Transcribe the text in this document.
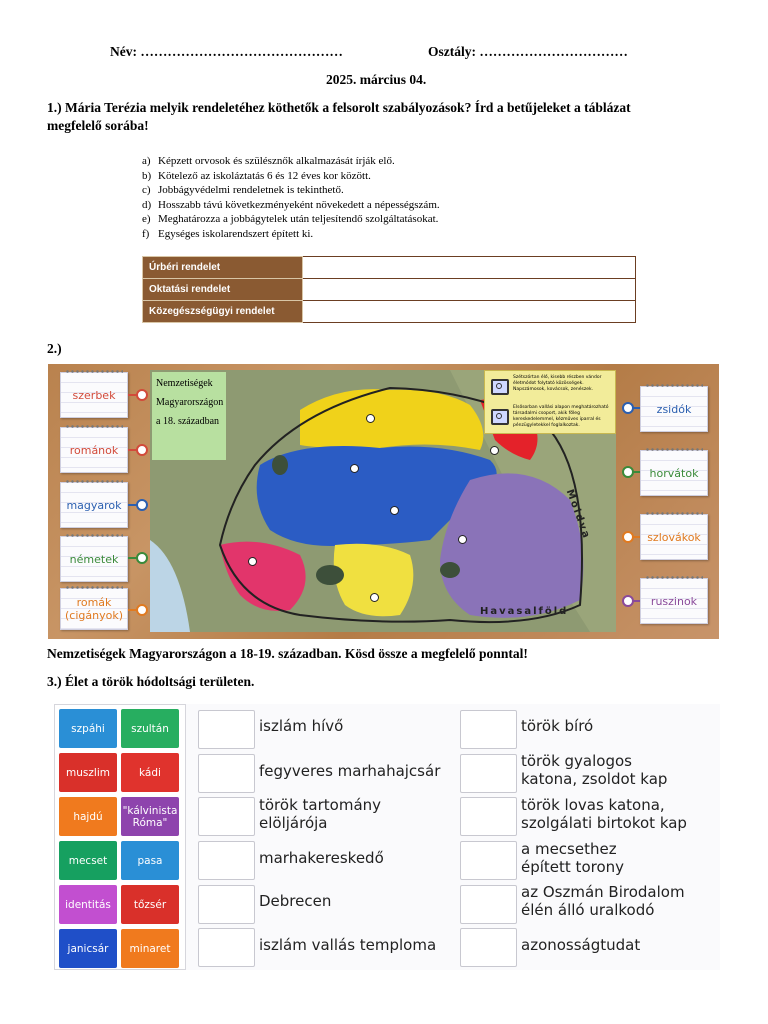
Név: ………………………………………	Osztály: ……………………………
2025. március 04.
1.) Mária Terézia melyik rendeletéhez köthetők a felsorolt szabályozások? Írd a betűjeleket a táblázat
megfelelő sorába!
a) Képzett orvosok és szülésznők alkalmazását írják elő.
b) Kötelező az iskoláztatás 6 és 12 éves kor között.
c) Jobbágyvédelmi rendeletnek is tekinthető.
d) Hosszabb távú következményeként növekedett a népességszám.
e) Meghatározza a jobbágytelek után teljesítendő szolgáltatásokat.
f) Egységes iskolarendszert épített ki.
Úrbéri rendelet	
Oktatási rendelet	
Közegészségügyi rendelet	
2.)
szerbek
románok
magyarok
németek
romák
(cigányok)
Moldva
Havasalföld
Nemzetiségek
Magyarországon
a 18. században
Szétszórtan élő, kisebb részben vándor életmódot folytató közösségek. Napszámosok, kovácsok, zenészek.
Elsősorban vallási alapon meghatározható társadalmi csoport, akik főleg kereskedelemmel, kézműves iparral és pénzügyletekkel foglalkoztak.
zsidók
horvátok
szlovákok
ruszinok
Nemzetiségek Magyarországon a 18-19. században. Kösd össze a megfelelő ponntal!
3.) Élet a török hódoltsági területen.
szpáhi	szultán
muszlim	kádi
hajdú	"kálvinista Róma"
mecset	pasa
identitás	tőzsér
janicsár	minaret
iszlám hívő
fegyveres marhahajcsár
török tartomány
elöljárója
marhakereskedő
Debrecen
iszlám vallás temploma
török bíró
török gyalogos
katona, zsoldot kap
török lovas katona,
szolgálati birtokot kap
a mecsethez
épített torony
az Oszmán Birodalom
élén álló uralkodó
azonosságtudat
